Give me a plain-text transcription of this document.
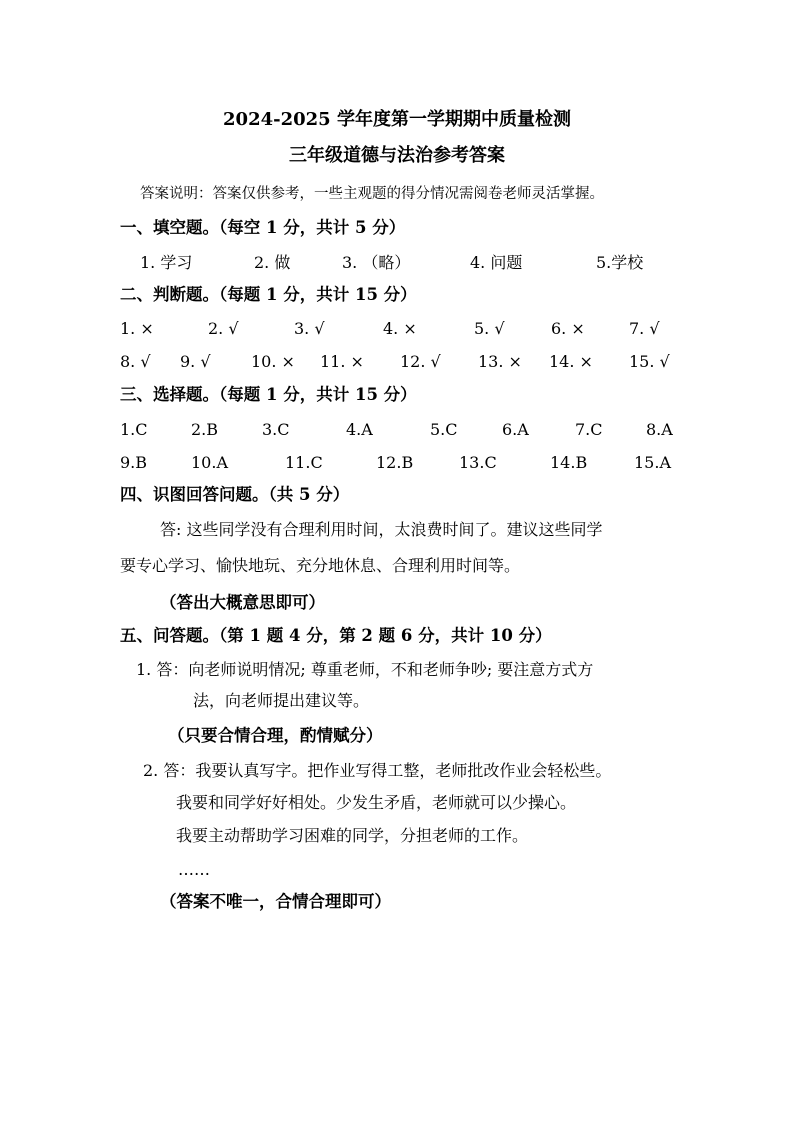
2024-2025 学年度第一学期期中质量检测
三年级道德与法治参考答案
答案说明：答案仅供参考，一些主观题的得分情况需阅卷老师灵活掌握。
一、填空题。（每空 1 分，共计 5 分）
1. 学习	2. 做	3. （略）	4. 问题	5.学校
二、判断题。（每题 1 分，共计 15 分）
1. ×	2. √	3. √	4. ×	5. √	6. ×	7. √
8. √ 9. √	10. × 11. × 12. √ 13. × 14. × 15. √
三、选择题。（每题 1 分，共计 15 分）
1.C	2.B	3.C	4.A	5.C	6.A	7.C	8.A
9.B	10.A	11.C	12.B	13.C	14.B	15.A
四、识图回答问题。（共 5 分）
答: 这些同学没有合理利用时间，太浪费时间了。建议这些同学
要专心学习、愉快地玩、充分地休息、合理利用时间等。
（答出大概意思即可）
五、问答题。（第 1 题 4 分，第 2 题 6 分，共计 10 分）
1. 答：向老师说明情况; 尊重老师，不和老师争吵; 要注意方式方
法，向老师提出建议等。
（只要合情合理，酌情赋分）
2. 答：我要认真写字。把作业写得工整，老师批改作业会轻松些。
我要和同学好好相处。少发生矛盾，老师就可以少操心。
我要主动帮助学习困难的同学，分担老师的工作。
……
（答案不唯一，合情合理即可）
